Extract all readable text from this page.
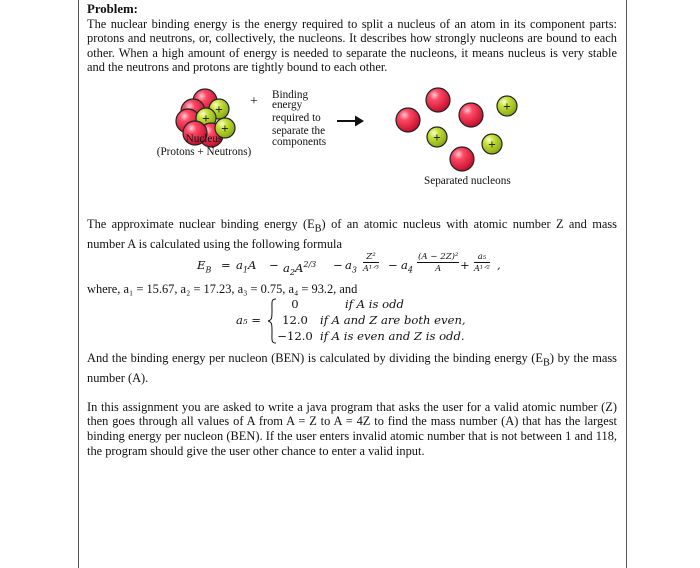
Problem:
The nuclear binding energy is the energy required to split a nucleus of an atom in its component parts: protons and neutrons, or, collectively, the nucleons. It describes how strongly nucleons are bound to each other. When a high amount of energy is needed to separate the nucleons, it means nucleus is very stable and the neutrons and protons are tightly bound to each other.
+
+
+	+
+
+
+ Binding
energy
required to
separate the
components
Nucleus
(Protons + Neutrons)
Separated nucleons
The approximate nuclear binding energy $(E_B)$ of an atomic nucleus with atomic number Z and mass number A is calculated using the following formula
$E_B = a_1A - a_2A^{2/3} - a_3$
Z²
A¹ᐟ³ − $a_4 \frac{\text{(A − 2Z)²}}{A}$ +
a₅
A¹ᐟ² ,
where, a₁ = 15.67, a₂ = 17.23, a₃ = 0.75, a₄ = 93.2, and
a₅ =
0	if A is odd
12.0	if A and Z are both even,
−12.0 if A is even and Z is odd.
And the binding energy per nucleon (BEN) is calculated by dividing the binding energy $(E_B)$ by the mass number (A).
In this assignment you are asked to write a java program that asks the user for a valid atomic number (Z) then goes through all values of A from A = Z to A = 4Z to find the mass number (A) that has the largest binding energy per nucleon (BEN). If the user enters invalid atomic number that is not between 1 and 118, the program should give the user other chance to enter a valid input.
